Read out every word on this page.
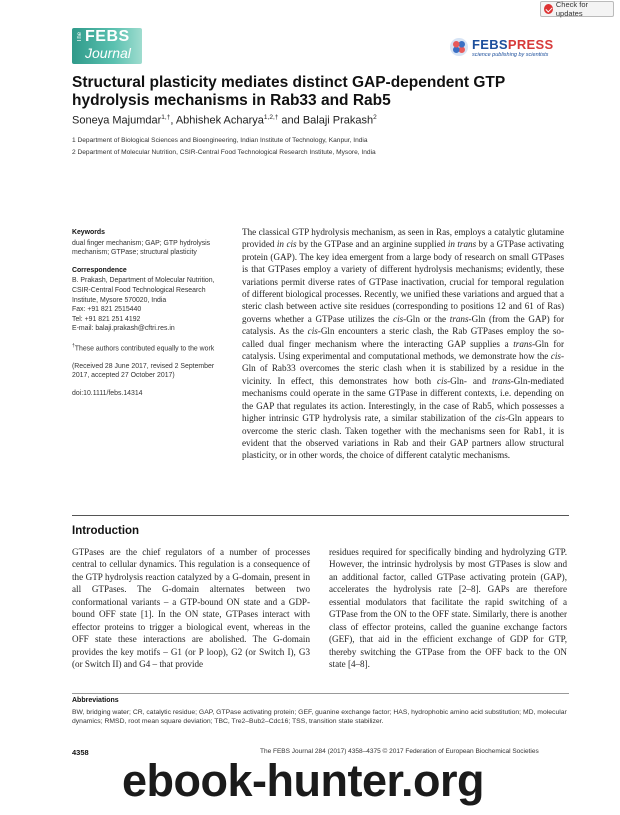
Check for updates
The FEBS
Journal
FEBSPRESS
science publishing by scientists
Structural plasticity mediates distinct GAP-dependent GTP hydrolysis mechanisms in Rab33 and Rab5
Soneya Majumdar$^{1,\dagger}$, Abhishek Acharya$^{1,2,\dagger}$ and Balaji Prakash$^2$
1 Department of Biological Sciences and Bioengineering, Indian Institute of Technology, Kanpur, India
2 Department of Molecular Nutrition, CSIR-Central Food Technological Research Institute, Mysore, India
Keywords

dual finger mechanism; GAP; GTP hydrolysis mechanism; GTPase; structural plasticity

Correspondence

B. Prakash, Department of Molecular Nutrition, CSIR-Central Food Technological Research Institute, Mysore 570020, India

Fax: +91 821 2515440

Tel: +91 821 251 4192

E-mail: balaji.prakash@cftri.res.in

†These authors contributed equally to the work

(Received 28 June 2017, revised 2 September 2017, accepted 27 October 2017)

doi:10.1111/febs.14314

The classical GTP hydrolysis mechanism, as seen in Ras, employs a catalytic glutamine provided in cis by the GTPase and an arginine supplied in trans by a GTPase activating protein (GAP). The key idea emergent from a large body of research on small GTPases is that GTPases employ a variety of different hydrolysis mechanisms; evidently, these variations permit diverse rates of GTPase inactivation, crucial for temporal regulation of different biological processes. Recently, we unified these variations and argued that a steric clash between active site residues (corresponding to positions 12 and 61 of Ras) governs whether a GTPase utilizes the cis-Gln or the trans-Gln (from the GAP) for catalysis. As the cis-Gln encounters a steric clash, the Rab GTPases employ the so-called dual finger mechanism where the interacting GAP supplies a trans-Gln for catalysis. Using experimental and computational methods, we demonstrate how the cis-Gln of Rab33 overcomes the steric clash when it is stabilized by a residue in the vicinity. In effect, this demonstrates how both cis-Gln- and trans-Gln-mediated mechanisms could operate in the same GTPase in different contexts, i.e. depending on the GAP that regulates its action. Interestingly, in the case of Rab5, which possesses a higher intrinsic GTP hydrolysis rate, a similar stabilization of the cis-Gln appears to overcome the steric clash. Taken together with the mechanisms seen for Rab1, it is evident that the observed variations in Rab and their GAP partners allow structural plasticity, or in other words, the choice of different catalytic mechanisms.

Introduction

GTPases are the chief regulators of a number of processes central to cellular dynamics. This regulation is a consequence of the GTP hydrolysis reaction catalyzed by a G-domain, present in all GTPases. The G-domain alternates between two conformational variants – a GTP-bound ON state and a GDP-bound OFF state [1]. In the ON state, GTPases interact with effector proteins to trigger a biological event, whereas in the OFF state these interactions are abolished. The G-domain provides the key motifs – G1 (or P loop), G2 (or Switch I), G3 (or Switch II) and G4 – that provide

residues required for specifically binding and hydrolyzing GTP. However, the intrinsic hydrolysis by most GTPases is slow and an additional factor, called GTPase activating protein (GAP), accelerates the hydrolysis rate [2–8]. GAPs are therefore essential modulators that facilitate the rapid switching of a GTPase from the ON to the OFF state. Similarly, there is another class of effector proteins, called the guanine exchange factors (GEF), that aid in the efficient exchange of GDP for GTP, thereby switching the GTPase from the OFF back to the ON state [4–8].

Abbreviations

BW, bridging water; CR, catalytic residue; GAP, GTPase activating protein; GEF, guanine exchange factor; HAS, hydrophobic amino acid substitution; MD, molecular dynamics; RMSD, root mean square deviation; TBC, Tre2–Bub2–Cdc16; TSS, transition state stabilizer.

4358	The FEBS Journal 284 (2017) 4358–4375 © 2017 Federation of European Biochemical Societies
ebook-hunter.org
